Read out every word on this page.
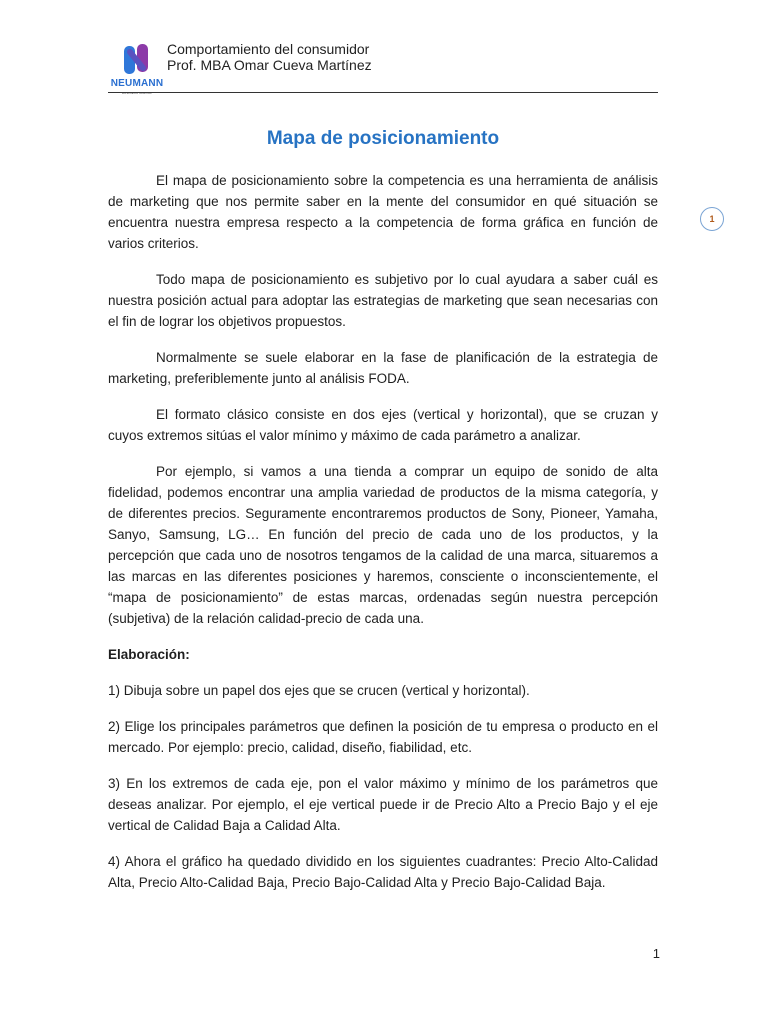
NEUMANN
BUSINESS SCHOOL
Comportamiento del consumidor
Prof. MBA Omar Cueva Martínez
Mapa de posicionamiento
1

El mapa de posicionamiento sobre la competencia es una herramienta de análisis de marketing que nos permite saber en la mente del consumidor en qué situación se encuentra nuestra empresa respecto a la competencia de forma gráfica en función de varios criterios.

Todo mapa de posicionamiento es subjetivo por lo cual ayudara a saber cuál es nuestra posición actual para adoptar las estrategias de marketing que sean necesarias con el fin de lograr los objetivos propuestos.

Normalmente se suele elaborar en la fase de planificación de la estrategia de marketing, preferiblemente junto al análisis FODA.

El formato clásico consiste en dos ejes (vertical y horizontal), que se cruzan y cuyos extremos sitúas el valor mínimo y máximo de cada parámetro a analizar.

Por ejemplo, si vamos a una tienda a comprar un equipo de sonido de alta fidelidad, podemos encontrar una amplia variedad de productos de la misma categoría, y de diferentes precios. Seguramente encontraremos productos de Sony, Pioneer, Yamaha, Sanyo, Samsung, LG… En función del precio de cada uno de los productos, y la percepción que cada uno de nosotros tengamos de la calidad de una marca, situaremos a las marcas en las diferentes posiciones y haremos, consciente o inconscientemente, el “mapa de posicionamiento” de estas marcas, ordenadas según nuestra percepción (subjetiva) de la relación calidad-precio de cada una.

Elaboración:

1) Dibuja sobre un papel dos ejes que se crucen (vertical y horizontal).

2) Elige los principales parámetros que definen la posición de tu empresa o producto en el mercado. Por ejemplo: precio, calidad, diseño, fiabilidad, etc.

3) En los extremos de cada eje, pon el valor máximo y mínimo de los parámetros que deseas analizar. Por ejemplo, el eje vertical puede ir de Precio Alto a Precio Bajo y el eje vertical de Calidad Baja a Calidad Alta.

4) Ahora el gráfico ha quedado dividido en los siguientes cuadrantes: Precio Alto-Calidad Alta, Precio Alto-Calidad Baja, Precio Bajo-Calidad Alta y Precio Bajo-Calidad Baja.

1
